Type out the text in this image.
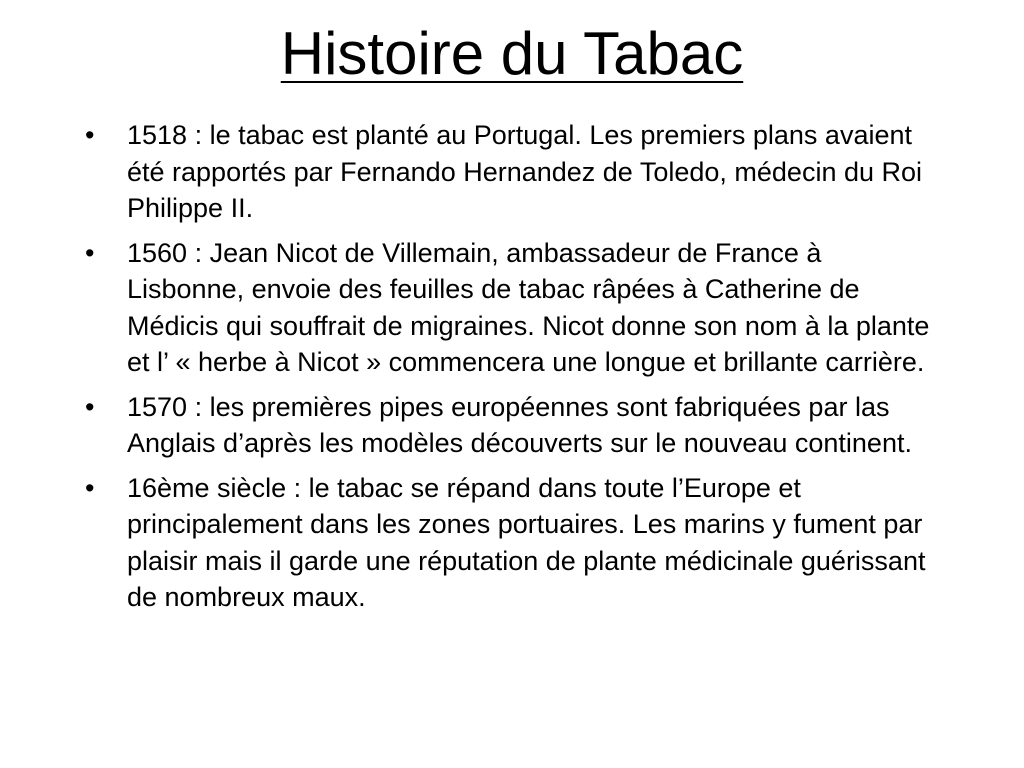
Histoire du Tabac
• 1518 : le tabac est planté au Portugal. Les premiers plans avaient été rapportés par Fernando Hernandez de Toledo, médecin du Roi Philippe II.
• 1560 : Jean Nicot de Villemain, ambassadeur de France à Lisbonne, envoie des feuilles de tabac râpées à Catherine de Médicis qui souffrait de migraines. Nicot donne son nom à la plante et l’ « herbe à Nicot » commencera une longue et brillante carrière.
• 1570 : les premières pipes européennes sont fabriquées par las Anglais d’après les modèles découverts sur le nouveau continent.
• 16ème siècle : le tabac se répand dans toute l’Europe et principalement dans les zones portuaires. Les marins y fument par plaisir mais il garde une réputation de plante médicinale guérissant de nombreux maux.
